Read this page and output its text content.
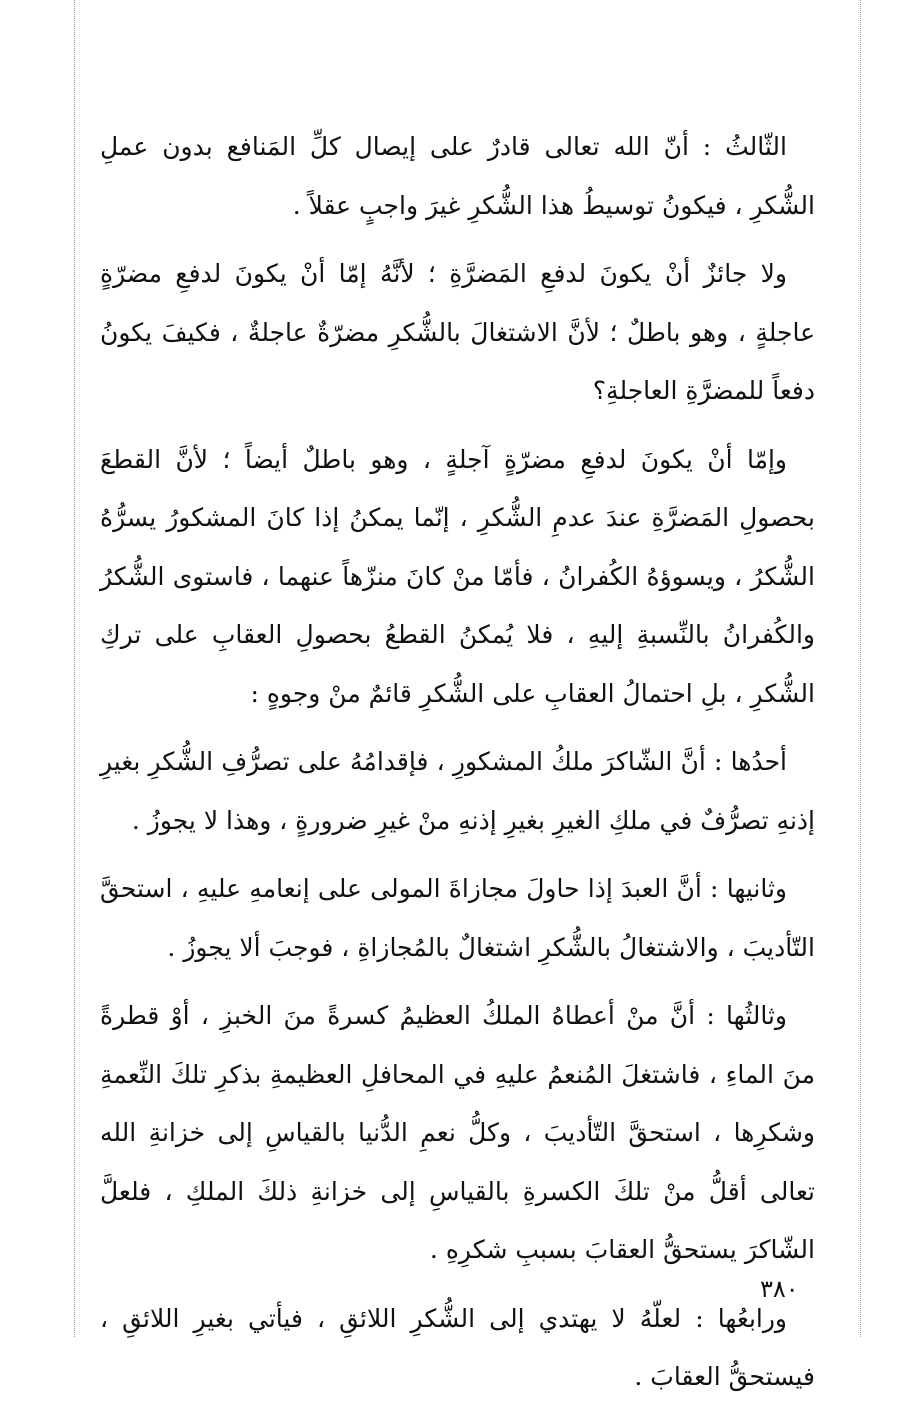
الثّالثُ : أنّ الله تعالى قادرٌ على إيصال كلِّ المَنافع بدون عملِ الشُّكرِ ، فيكونُ توسيطُ هذا الشُّكرِ غيرَ واجبٍ عقلاً .

ولا جائزٌ أنْ يكونَ لدفعِ المَضرَّةِ ؛ لأنَّهُ إمّا أنْ يكونَ لدفعِ مضرّةٍ عاجلةٍ ، وهو باطلٌ ؛ لأنَّ الاشتغالَ بالشُّكرِ مضرّةٌ عاجلةٌ ، فكيفَ يكونُ دفعاً للمضرَّةِ العاجلةِ؟

وإمّا أنْ يكونَ لدفعِ مضرّةٍ آجلةٍ ، وهو باطلٌ أيضاً ؛ لأنَّ القطعَ بحصولِ المَضرَّةِ عندَ عدمِ الشُّكرِ ، إنّما يمكنُ إذا كانَ المشكورُ يسرُّهُ الشُّكرُ ، ويسوؤهُ الكُفرانُ ، فأمّا منْ كانَ منزّهاً عنهما ، فاستوى الشُّكرُ والكُفرانُ بالنِّسبةِ إليهِ ، فلا يُمكنُ القطعُ بحصولِ العقابِ على تركِ الشُّكرِ ، بلِ احتمالُ العقابِ على الشُّكرِ قائمٌ منْ وجوهٍ :

أحدُها : أنَّ الشّاكرَ ملكُ المشكورِ ، فإقدامُهُ على تصرُّفِ الشُّكرِ بغيرِ إذنهِ تصرُّفٌ في ملكِ الغيرِ بغيرِ إذنهِ منْ غيرِ ضرورةٍ ، وهذا لا يجوزُ .

وثانيها : أنَّ العبدَ إذا حاولَ مجازاةَ المولى على إنعامهِ عليهِ ، استحقَّ التّأديبَ ، والاشتغالُ بالشُّكرِ اشتغالٌ بالمُجازاةِ ، فوجبَ ألا يجوزُ .

وثالثُها : أنَّ منْ أعطاهُ الملكُ العظيمُ كسرةً منَ الخبزِ ، أوْ قطرةً منَ الماءِ ، فاشتغلَ المُنعمُ عليهِ في المحافلِ العظيمةِ بذكرِ تلكَ النِّعمةِ وشكرِها ، استحقَّ التّأديبَ ، وكلُّ نعمِ الدُّنيا بالقياسِ إلى خزانةِ الله تعالى أقلُّ منْ تلكَ الكسرةِ بالقياسِ إلى خزانةِ ذلكَ الملكِ ، فلعلَّ الشّاكرَ يستحقُّ العقابَ بسببِ شكرِهِ .

ورابعُها : لعلّهُ لا يهتدي إلى الشُّكرِ اللائقِ ، فيأتي بغيرِ اللائقِ ، فيستحقُّ العقابَ .

٣٨٠
